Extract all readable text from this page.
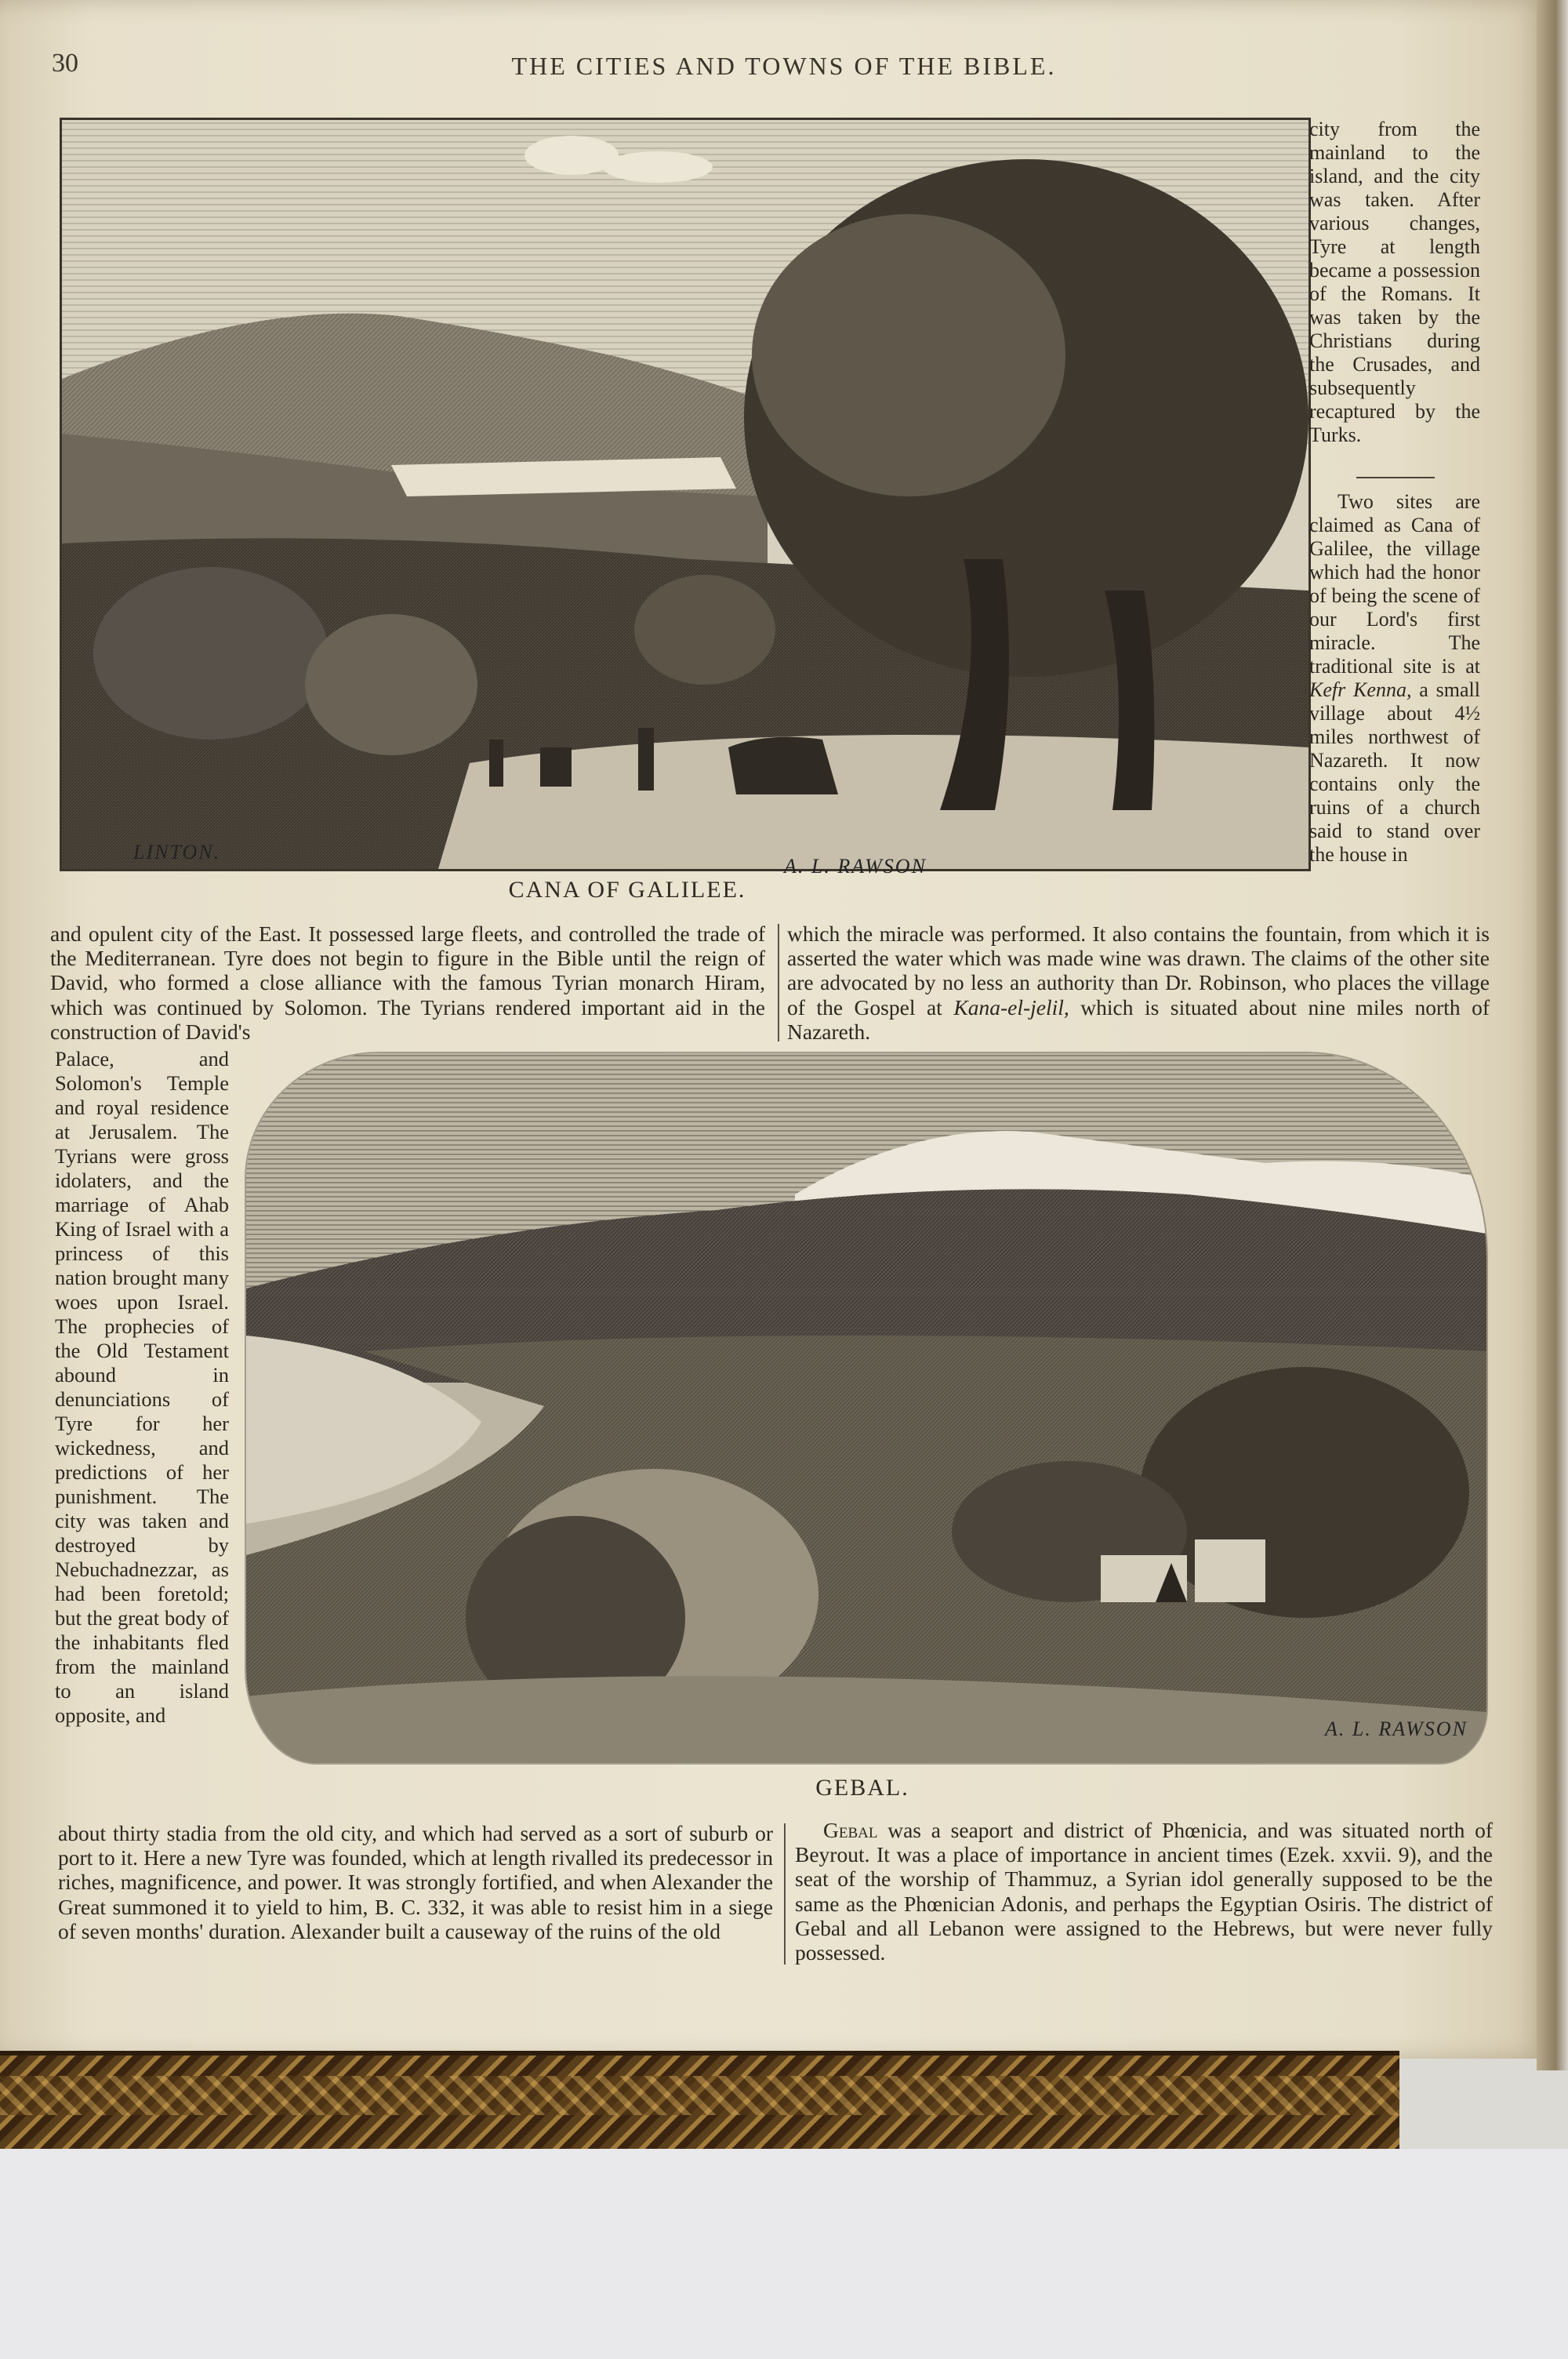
30	THE CITIES AND TOWNS OF THE BIBLE.
LINTON.
A. L. RAWSON
CANA OF GALILEE.

city from the mainland to the island, and the city was taken. After various changes, Tyre at length became a possession of the Romans. It was taken by the Christians during the Crusades, and subsequently recaptured by the Turks.

Two sites are claimed as Cana of Galilee, the village which had the honor of being the scene of our Lord's first miracle. The traditional site is at Kefr Kenna, a small village about 4½ miles northwest of Nazareth. It now contains only the ruins of a church said to stand over the house in

and opulent city of the East. It possessed large fleets, and controlled the trade of the Mediterranean. Tyre does not begin to figure in the Bible until the reign of David, who formed a close alliance with the famous Tyrian monarch Hiram, which was continued by Solomon. The Tyrians rendered important aid in the construction of David's

which the miracle was performed. It also contains the fountain, from which it is asserted the water which was made wine was drawn. The claims of the other site are advocated by no less an authority than Dr. Robinson, who places the village of the Gospel at Kana-el-jelil, which is situated about nine miles north of Nazareth.

A. L. RAWSON
GEBAL.

Palace, and Solomon's Temple and royal residence at Jerusalem. The Tyrians were gross idolaters, and the marriage of Ahab King of Israel with a princess of this nation brought many woes upon Israel. The prophecies of the Old Testament abound in denunciations of Tyre for her wickedness, and predictions of her punishment. The city was taken and destroyed by Nebuchadnezzar, as had been foretold; but the great body of the inhabitants fled from the mainland to an island opposite, and

about thirty stadia from the old city, and which had served as a sort of suburb or port to it. Here a new Tyre was founded, which at length rivalled its predecessor in riches, magnificence, and power. It was strongly fortified, and when Alexander the Great summoned it to yield to him, B. C. 332, it was able to resist him in a siege of seven months' duration. Alexander built a causeway of the ruins of the old

Gebal was a seaport and district of Phœnicia, and was situated north of Beyrout. It was a place of importance in ancient times (Ezek. xxvii. 9), and the seat of the worship of Thammuz, a Syrian idol generally supposed to be the same as the Phœnician Adonis, and perhaps the Egyptian Osiris. The district of Gebal and all Lebanon were assigned to the Hebrews, but were never fully possessed.
